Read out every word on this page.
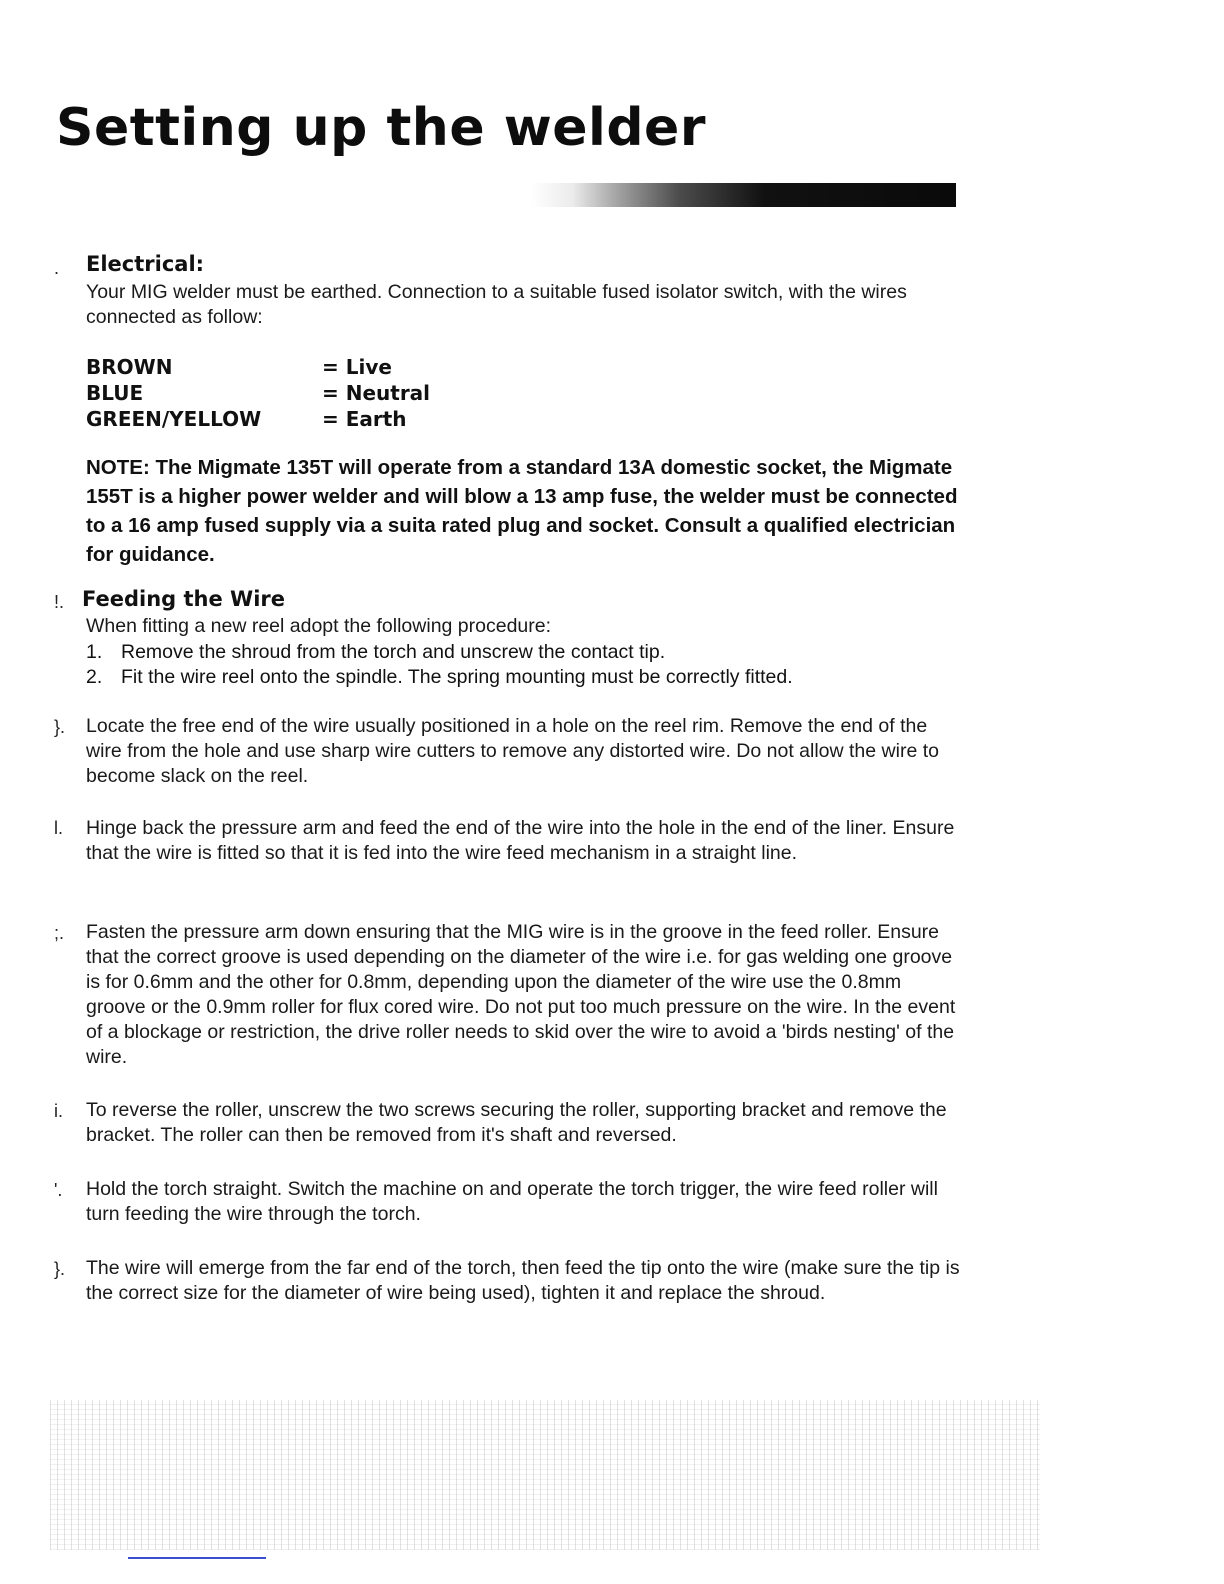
Setting up the welder
. Electrical:

Your MIG welder must be earthed. Connection to a suitable fused isolator switch, with the wires connected as follow:

BROWN	= Live
BLUE	= Neutral
GREEN/YELLOW	= Earth

NOTE: The Migmate 135T will operate from a standard 13A domestic socket, the Migmate 155T is a higher power welder and will blow a 13 amp fuse, the welder must be connected to a 16 amp fused supply via a suita rated plug and socket. Consult a qualified electrician for guidance.

!. Feeding the Wire

When fitting a new reel adopt the following procedure:

1. Remove the shroud from the torch and unscrew the contact tip.
2. Fit the wire reel onto the spindle. The spring mounting must be correctly fitted.
}. Locate the free end of the wire usually positioned in a hole on the reel rim. Remove the end of the wire from the hole and use sharp wire cutters to remove any distorted wire. Do not allow the wire to become slack on the reel.

l. Hinge back the pressure arm and feed the end of the wire into the hole in the end of the liner. Ensure that the wire is fitted so that it is fed into the wire feed mechanism in a straight line.

;. Fasten the pressure arm down ensuring that the MIG wire is in the groove in the feed roller. Ensure that the correct groove is used depending on the diameter of the wire i.e. for gas welding one groove is for 0.6mm and the other for 0.8mm, depending upon the diameter of the wire use the 0.8mm groove or the 0.9mm roller for flux cored wire. Do not put too much pressure on the wire. In the event of a blockage or restriction, the drive roller needs to skid over the wire to avoid a 'birds nesting' of the wire.

i. To reverse the roller, unscrew the two screws securing the roller, supporting bracket and remove the bracket. The roller can then be removed from it's shaft and reversed.

'. Hold the torch straight. Switch the machine on and operate the torch trigger, the wire feed roller will turn feeding the wire through the torch.

}. The wire will emerge from the far end of the torch, then feed the tip onto the wire (make sure the tip is the correct size for the diameter of wire being used), tighten it and replace the shroud.
